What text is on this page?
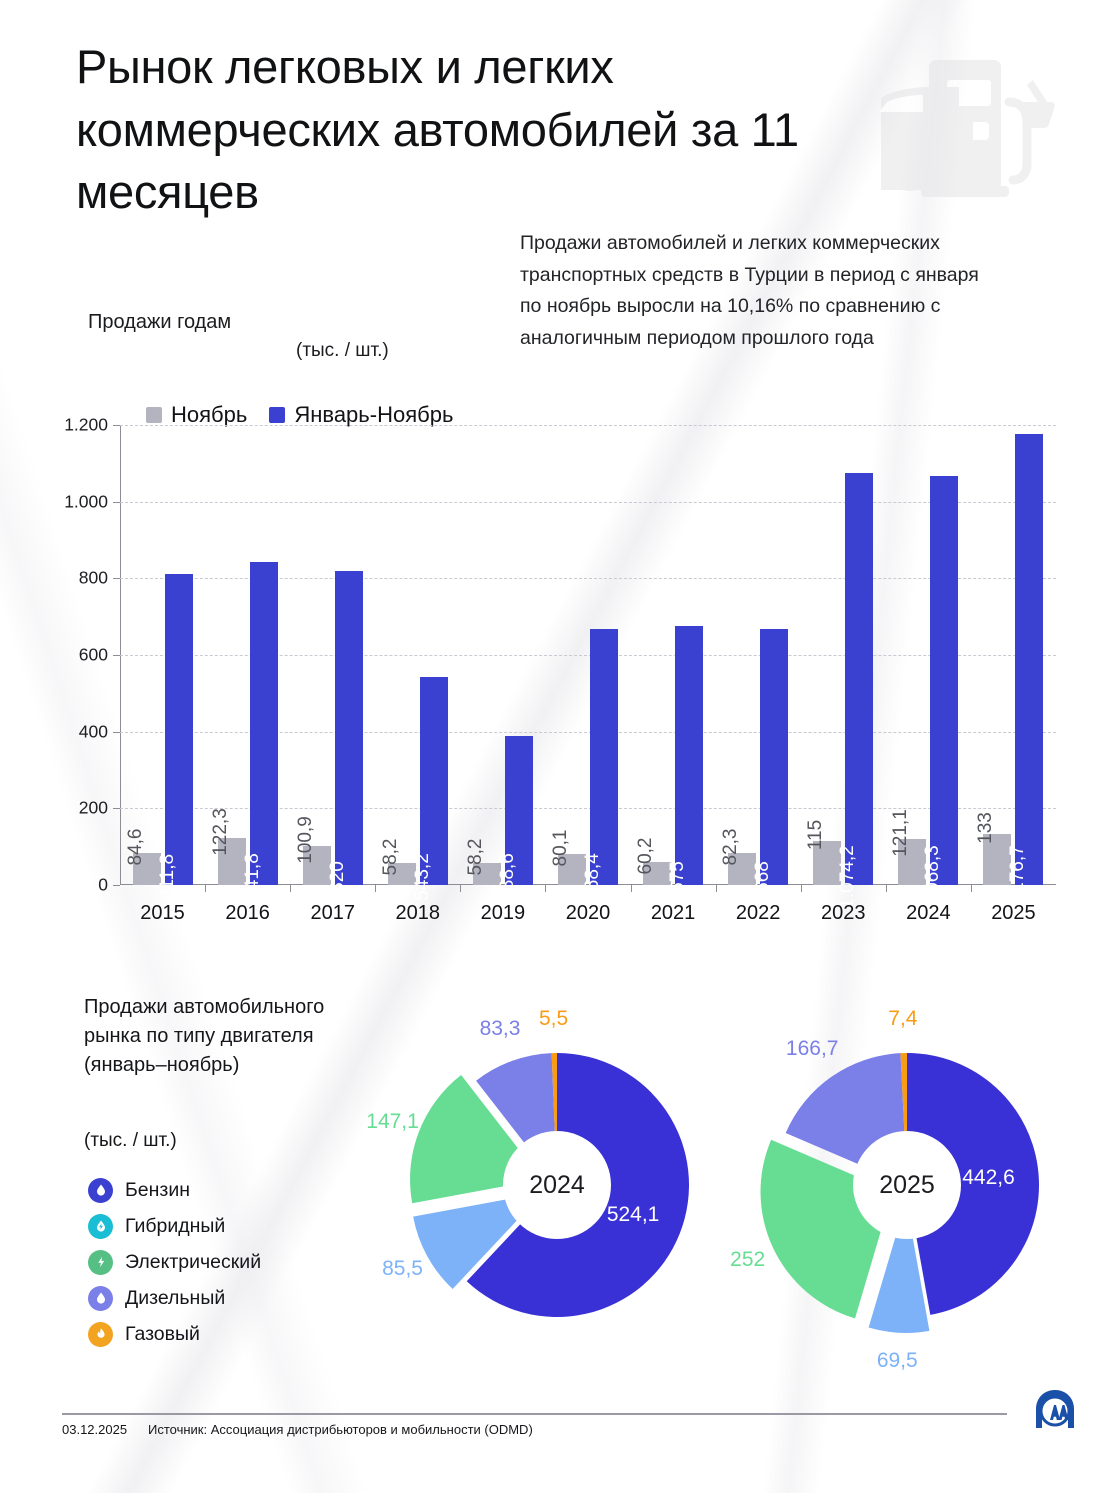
Рынок легковых и легких коммерческих автомобилей за 11 месяцев
Продажи автомобилей и легких коммерческих транспортных средств в Турции в период с января по ноябрь выросли на 10,16% по сравнению с аналогичным периодом прошлого года
Продажи годам
(тыс. / шт.)
Ноябрь Январь-Ноябрь
0
200
400
600
800
1.000
1.200
84,6
811,8
2015
122,3
841,8
2016
100,9
820
2017
58,2 543,2
2018
58,2 388,6
2019
80,1
668,4
2020
60,2
675
2021
82,3
668
2022
115
1.074,2
2023
121,1
1.068,3
2024
133
1.176,7
2025
Продажи автомобильного рынка по типу двигателя (январь–ноябрь)
(тыс. / шт.)
Бензин
Гибридный
Электрический
Дизельный
Газовый
2024
524,1
85,5
147,1
83,3 5,5
2025	442,6
69,5
252
166,7
7,4
03.12.2025 Источник: Ассоциация дистрибьюторов и мобильности (ODMD)
